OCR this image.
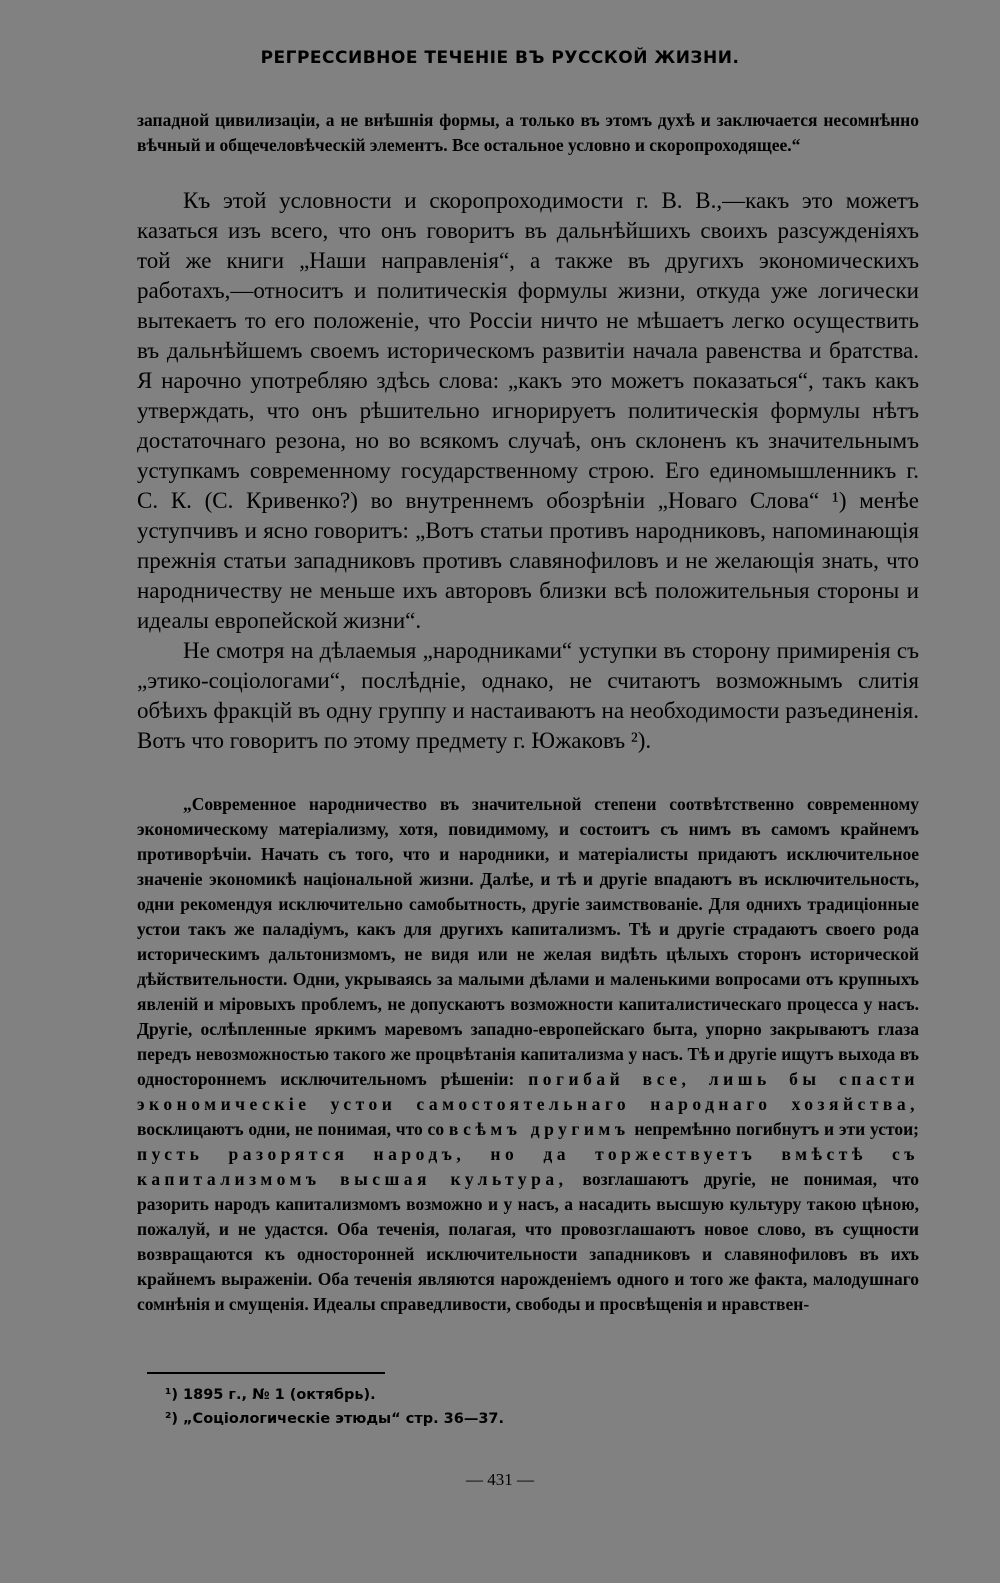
РЕГРЕССИВНОЕ ТЕЧЕНІЕ ВЪ РУССКОЙ ЖИЗНИ.

западной цивилизаціи, а не внѣшнія формы, а только въ этомъ духѣ и заключается несомнѣнно вѣчный и общечеловѣческій элементъ. Все остальное условно и скоропроходящее.“

Къ этой условности и скоропроходимости г. В. В.,—какъ это можетъ казаться изъ всего, что онъ говоритъ въ дальнѣйшихъ своихъ разсужденіяхъ той же книги „Наши направленія“, а также въ другихъ экономическихъ работахъ,—относитъ и политическія формулы жизни, откуда уже логически вытекаетъ то его положеніе, что Россіи ничто не мѣшаетъ легко осуществить въ дальнѣйшемъ своемъ историческомъ развитіи начала равенства и братства. Я нарочно употребляю здѣсь слова: „какъ это можетъ показаться“, такъ какъ утверждать, что онъ рѣшительно игнорируетъ политическія формулы нѣтъ достаточнаго резона, но во всякомъ случаѣ, онъ склоненъ къ значительнымъ уступкамъ современному государственному строю. Его единомышленникъ г. С. К. (С. Кривенко?) во внутреннемъ обозрѣніи „Новаго Слова“ ¹) менѣе уступчивъ и ясно говоритъ: „Вотъ статьи противъ народниковъ, напоминающія прежнія статьи западниковъ противъ славянофиловъ и не желающія знать, что народничеству не меньше ихъ авторовъ близки всѣ положительныя стороны и идеалы европейской жизни“.

Не смотря на дѣлаемыя „народниками“ уступки въ сторону примиренія съ „этико-соціологами“, послѣдніе, однако, не считаютъ возможнымъ слитія обѣихъ фракцій въ одну группу и настаиваютъ на необходимости разъединенія. Вотъ что говоритъ по этому предмету г. Южаковъ ²).

„Современное народничество въ значительной степени соотвѣтственно современному экономическому матеріализму, хотя, повидимому, и состоитъ съ нимъ въ самомъ крайнемъ противорѣчіи. Начать съ того, что и народники, и матеріалисты придаютъ исключительное значеніе экономикѣ національной жизни. Далѣе, и тѣ и другіе впадаютъ въ исключительность, одни рекомендуя исключительно самобытность, другіе заимствованіе. Для однихъ традиціонные устои такъ же паладіумъ, какъ для другихъ капитализмъ. Тѣ и другіе страдаютъ своего рода историческимъ дальтонизмомъ, не видя или не желая видѣть цѣлыхъ сторонъ исторической дѣйствительности. Одни, укрываясь за малыми дѣлами и маленькими вопросами отъ крупныхъ явленій и міровыхъ проблемъ, не допускаютъ возможности капиталистическаго процесса у насъ. Другіе, ослѣпленные яркимъ маревомъ западно-европейскаго быта, упорно закрываютъ глаза передъ невозможностью такого же процвѣтанія капитализма у насъ. Тѣ и другіе ищутъ выхода въ одностороннемъ исключительномъ рѣшеніи: погибай все, лишь бы спасти экономическіе устои самостоятельнаго народнаго хозяйства, восклицаютъ одни, не понимая, что со всѣмъ другимъ непремѣнно погибнутъ и эти устои; пусть разорятся народъ, но да торжествуетъ вмѣстѣ съ капитализмомъ высшая культура, возглашаютъ другіе, не понимая, что разорить народъ капитализмомъ возможно и у насъ, а насадить высшую культуру такою цѣною, пожалуй, и не удастся. Оба теченія, полагая, что провозглашаютъ новое слово, въ сущности возвращаются къ односторонней исключительности западниковъ и славянофиловъ въ ихъ крайнемъ выраженіи. Оба теченія являются нарожденіемъ одного и того же факта, малодушнаго сомнѣнія и смущенія. Идеалы справедливости, свободы и просвѣщенія и нравствен-

¹) 1895 г., № 1 (октябрь).
²) „Соціологическіе этюды“ стр. 36—37.
— 431 —
